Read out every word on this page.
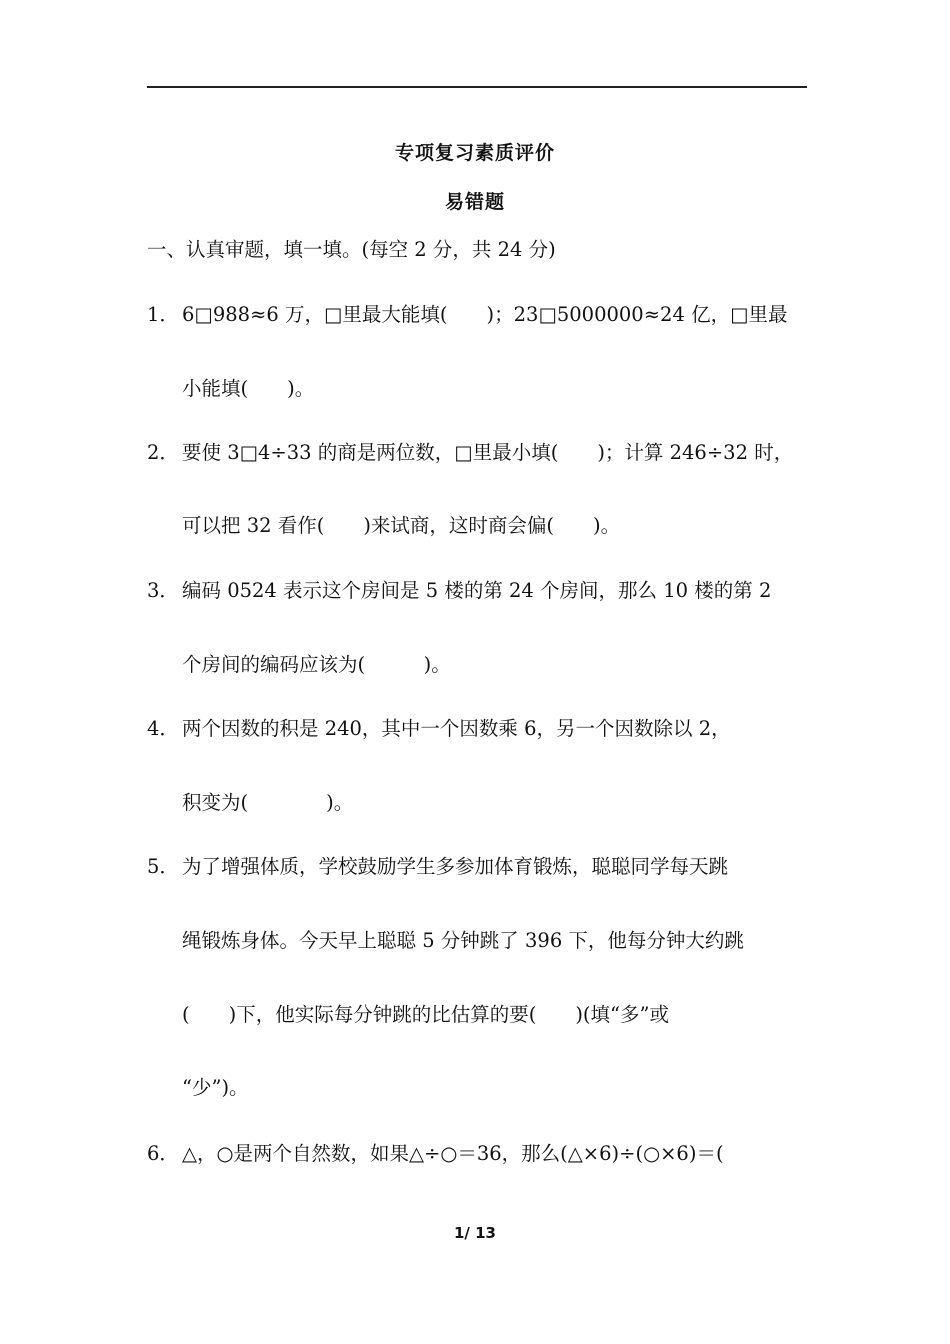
专项复习素质评价
易错题
一、认真审题，填一填。(每空 2 分，共 24 分)
1． 6□988≈6 万，□里最大能填(　　)；23□5000000≈24 亿，□里最
小能填(　　)。
2． 要使 3□4÷33 的商是两位数，□里最小填(　　)；计算 246÷32 时，
可以把 32 看作(　　)来试商，这时商会偏(　　)。
3． 编码 0524 表示这个房间是 5 楼的第 24 个房间，那么 10 楼的第 2
个房间的编码应该为(　　　)。
4． 两个因数的积是 240，其中一个因数乘 6，另一个因数除以 2，
积变为(　　　　)。
5． 为了增强体质，学校鼓励学生多参加体育锻炼，聪聪同学每天跳
绳锻炼身体。今天早上聪聪 5 分钟跳了 396 下，他每分钟大约跳
(　　)下，他实际每分钟跳的比估算的要(　　)(填“多”或
“少”)。
6． △，○是两个自然数，如果△÷○＝36，那么(△×6)÷(○×6)＝(
1/ 13
